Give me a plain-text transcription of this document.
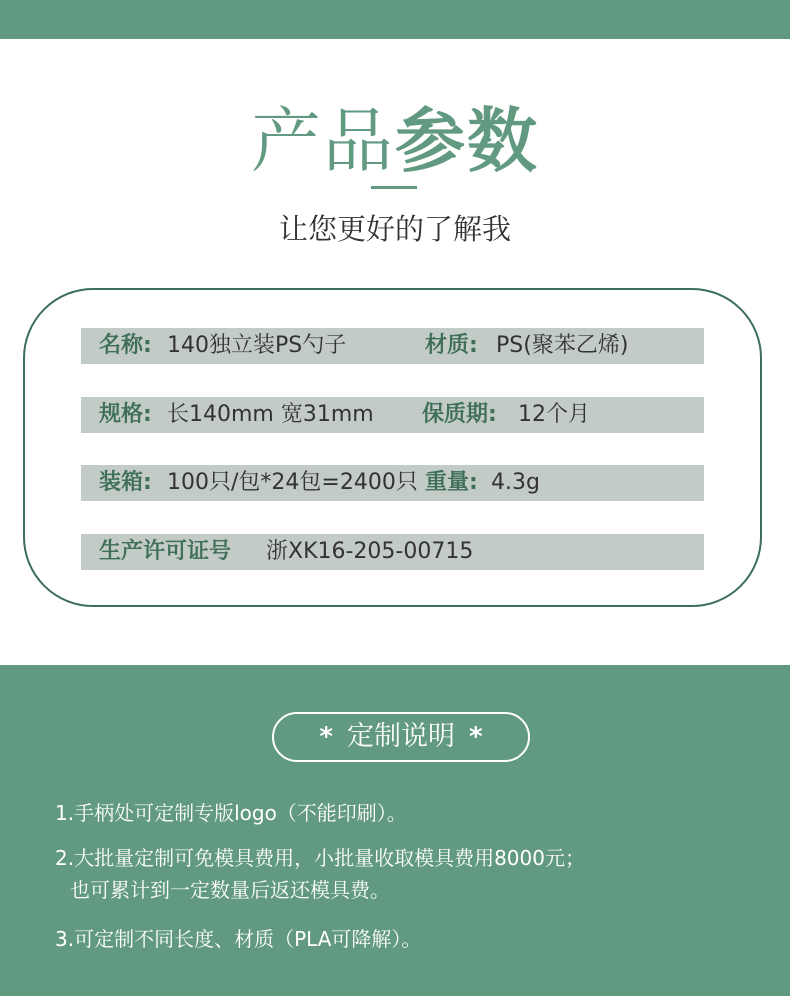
产品参数
让您更好的了解我
名称: 140独立装PS勺子	材质: PS(聚苯乙烯)
规格: 长140mm 宽31mm 保质期: 12个月
装箱: 100只/包*24包=2400只 重量: 4.3g
生产许可证号 浙XK16-205-00715
* 定制说明 *
1.手柄处可定制专版logo（不能印刷）。
2.大批量定制可免模具费用，小批量收取模具费用8000元；
也可累计到一定数量后返还模具费。
3.可定制不同长度、材质（PLA可降解）。
